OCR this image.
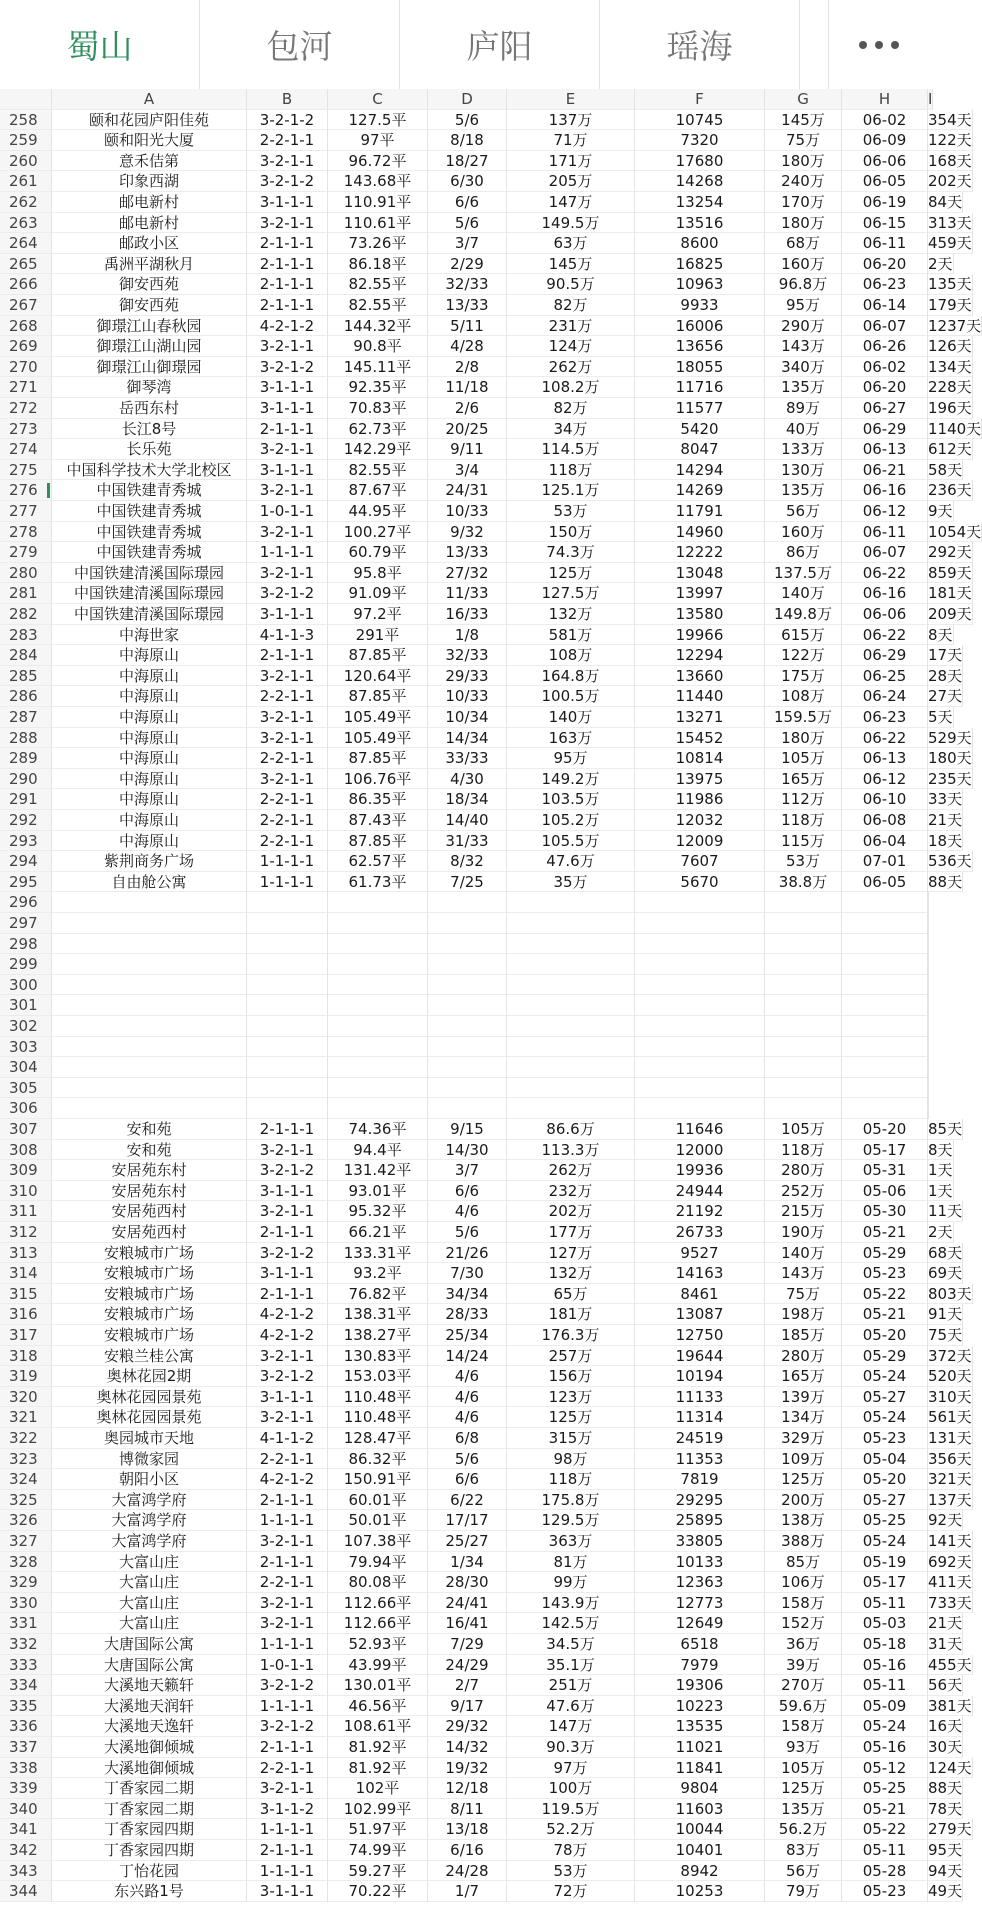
蜀山	包河	庐阳	瑶海
A	B	C	D	E	F	G	H	I
258	颐和花园庐阳佳苑	3-2-1-2	127.5平	5/6	137万	10745	145万	06-02	354天
259	颐和阳光大厦	2-2-1-1	97平	8/18	71万	7320	75万	06-09	122天
260	意禾佶第	3-2-1-1	96.72平	18/27	171万	17680	180万	06-06	168天
261	印象西湖	3-2-1-2	143.68平	6/30	205万	14268	240万	06-05	202天
262	邮电新村	3-1-1-1	110.91平	6/6	147万	13254	170万	06-19	84天
263	邮电新村	3-2-1-1	110.61平	5/6	149.5万	13516	180万	06-15	313天
264	邮政小区	2-1-1-1	73.26平	3/7	63万	8600	68万	06-11	459天
265	禹洲平湖秋月	2-1-1-1	86.18平	2/29	145万	16825	160万	06-20	2天
266	御安西苑	2-1-1-1	82.55平	32/33	90.5万	10963	96.8万	06-23	135天
267	御安西苑	2-1-1-1	82.55平	13/33	82万	9933	95万	06-14	179天
268	御璟江山春秋园	4-2-1-2	144.32平	5/11	231万	16006	290万	06-07	1237天
269	御璟江山湖山园	3-2-1-1	90.8平	4/28	124万	13656	143万	06-26	126天
270	御璟江山御璟园	3-2-1-2	145.11平	2/8	262万	18055	340万	06-02	134天
271	御琴湾	3-1-1-1	92.35平	11/18	108.2万	11716	135万	06-20	228天
272	岳西东村	3-1-1-1	70.83平	2/6	82万	11577	89万	06-27	196天
273	长江8号	2-1-1-1	62.73平	20/25	34万	5420	40万	06-29	1140天
274	长乐苑	3-2-1-1	142.29平	9/11	114.5万	8047	133万	06-13	612天
275	中国科学技术大学北校区	3-1-1-1	82.55平	3/4	118万	14294	130万	06-21	58天
276	中国铁建青秀城	3-2-1-1	87.67平	24/31	125.1万	14269	135万	06-16	236天
277	中国铁建青秀城	1-0-1-1	44.95平	10/33	53万	11791	56万	06-12	9天
278	中国铁建青秀城	3-2-1-1	100.27平	9/32	150万	14960	160万	06-11	1054天
279	中国铁建青秀城	1-1-1-1	60.79平	13/33	74.3万	12222	86万	06-07	292天
280	中国铁建清溪国际璟园	3-2-1-1	95.8平	27/32	125万	13048	137.5万	06-22	859天
281	中国铁建清溪国际璟园	3-2-1-2	91.09平	11/33	127.5万	13997	140万	06-16	181天
282	中国铁建清溪国际璟园	3-1-1-1	97.2平	16/33	132万	13580	149.8万	06-06	209天
283	中海世家	4-1-1-3	291平	1/8	581万	19966	615万	06-22	8天
284	中海原山	2-1-1-1	87.85平	32/33	108万	12294	122万	06-29	17天
285	中海原山	3-2-1-1	120.64平	29/33	164.8万	13660	175万	06-25	28天
286	中海原山	2-2-1-1	87.85平	10/33	100.5万	11440	108万	06-24	27天
287	中海原山	3-2-1-1	105.49平	10/34	140万	13271	159.5万	06-23	5天
288	中海原山	3-2-1-1	105.49平	14/34	163万	15452	180万	06-22	529天
289	中海原山	2-2-1-1	87.85平	33/33	95万	10814	105万	06-13	180天
290	中海原山	3-2-1-1	106.76平	4/30	149.2万	13975	165万	06-12	235天
291	中海原山	2-2-1-1	86.35平	18/34	103.5万	11986	112万	06-10	33天
292	中海原山	2-2-1-1	87.43平	14/40	105.2万	12032	118万	06-08	21天
293	中海原山	2-2-1-1	87.85平	31/33	105.5万	12009	115万	06-04	18天
294	紫荆商务广场	1-1-1-1	62.57平	8/32	47.6万	7607	53万	07-01	536天
295	自由舱公寓	1-1-1-1	61.73平	7/25	35万	5670	38.8万	06-05	88天
296
297
298
299
300
301
302
303
304
305
306
307	安和苑	2-1-1-1	74.36平	9/15	86.6万	11646	105万	05-20	85天
308	安和苑	3-2-1-1	94.4平	14/30	113.3万	12000	118万	05-17	8天
309	安居苑东村	3-2-1-2	131.42平	3/7	262万	19936	280万	05-31	1天
310	安居苑东村	3-1-1-1	93.01平	6/6	232万	24944	252万	05-06	1天
311	安居苑西村	3-2-1-1	95.32平	4/6	202万	21192	215万	05-30	11天
312	安居苑西村	2-1-1-1	66.21平	5/6	177万	26733	190万	05-21	2天
313	安粮城市广场	3-2-1-2	133.31平	21/26	127万	9527	140万	05-29	68天
314	安粮城市广场	3-1-1-1	93.2平	7/30	132万	14163	143万	05-23	69天
315	安粮城市广场	2-1-1-1	76.82平	34/34	65万	8461	75万	05-22	803天
316	安粮城市广场	4-2-1-2	138.31平	28/33	181万	13087	198万	05-21	91天
317	安粮城市广场	4-2-1-2	138.27平	25/34	176.3万	12750	185万	05-20	75天
318	安粮兰桂公寓	3-2-1-1	130.83平	14/24	257万	19644	280万	05-29	372天
319	奥林花园2期	3-2-1-2	153.03平	4/6	156万	10194	165万	05-24	520天
320	奥林花园园景苑	3-1-1-1	110.48平	4/6	123万	11133	139万	05-27	310天
321	奥林花园园景苑	3-2-1-1	110.48平	4/6	125万	11314	134万	05-24	561天
322	奥园城市天地	4-1-1-2	128.47平	6/8	315万	24519	329万	05-23	131天
323	博微家园	2-2-1-1	86.32平	5/6	98万	11353	109万	05-04	356天
324	朝阳小区	4-2-1-2	150.91平	6/6	118万	7819	125万	05-20	321天
325	大富鸿学府	2-1-1-1	60.01平	6/22	175.8万	29295	200万	05-27	137天
326	大富鸿学府	1-1-1-1	50.01平	17/17	129.5万	25895	138万	05-25	92天
327	大富鸿学府	3-2-1-1	107.38平	25/27	363万	33805	388万	05-24	141天
328	大富山庄	2-1-1-1	79.94平	1/34	81万	10133	85万	05-19	692天
329	大富山庄	2-2-1-1	80.08平	28/30	99万	12363	106万	05-17	411天
330	大富山庄	3-2-1-1	112.66平	24/41	143.9万	12773	158万	05-11	733天
331	大富山庄	3-2-1-1	112.66平	16/41	142.5万	12649	152万	05-03	21天
332	大唐国际公寓	1-1-1-1	52.93平	7/29	34.5万	6518	36万	05-18	31天
333	大唐国际公寓	1-0-1-1	43.99平	24/29	35.1万	7979	39万	05-16	455天
334	大溪地天籁轩	3-2-1-2	130.01平	2/7	251万	19306	270万	05-11	56天
335	大溪地天润轩	1-1-1-1	46.56平	9/17	47.6万	10223	59.6万	05-09	381天
336	大溪地天逸轩	3-2-1-2	108.61平	29/32	147万	13535	158万	05-24	16天
337	大溪地御倾城	2-1-1-1	81.92平	14/32	90.3万	11021	93万	05-16	30天
338	大溪地御倾城	2-2-1-1	81.92平	19/32	97万	11841	105万	05-12	124天
339	丁香家园二期	3-2-1-1	102平	12/18	100万	9804	125万	05-25	88天
340	丁香家园二期	3-1-1-2	102.99平	8/11	119.5万	11603	135万	05-21	78天
341	丁香家园四期	1-1-1-1	51.97平	13/18	52.2万	10044	56.2万	05-22	279天
342	丁香家园四期	2-1-1-1	74.99平	6/16	78万	10401	83万	05-11	95天
343	丁怡花园	1-1-1-1	59.27平	24/28	53万	8942	56万	05-28	94天
344	东兴路1号	3-1-1-1	70.22平	1/7	72万	10253	79万	05-23	49天
